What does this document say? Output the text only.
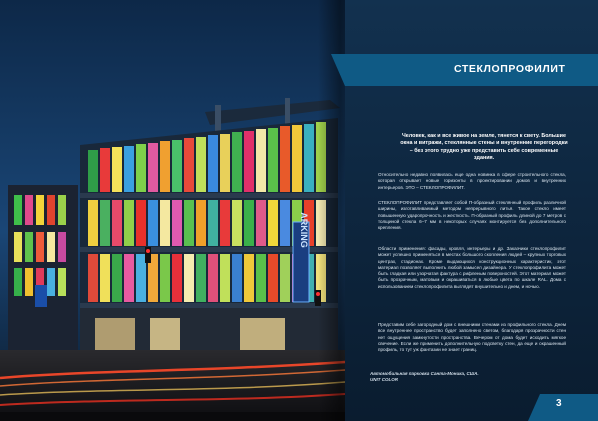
ARKING
СТЕКЛОПРОФИЛИТ

Человек, как и все живое на земле, тянется к свету. Большие окна и витражи, стеклянные стены и внутренние перегородки – без этого трудно уже представить себе современные здания.

Относительно недавно появилась еще одна новинка в сфере строительного стекла, которая открывает новые горизонты в проектировании домов и внутренних интерьеров. ЭТО – СТЕКЛОПРОФИЛИТ.

СТЕКЛОПРОФИЛИТ представляет собой П-образный стеклянный профиль различной ширины, изготавливаемый методом непрерывного литья. Такое стекло имеет повышенную ударопрочность и жесткость. П-образный профиль длиной до 7 метров с толщиной стекла 6–7 мм в некоторых случаях монтируется без дополнительного крепления.

Области применения: фасады, кровля, интерьеры и др. Заказчики стеклопрофилит может успешно применяться в местах большого скопления людей – крупных торговых центрах, стадионах. Кроме выдающихся конструкционных характеристик, этот материал позволяет выполнить любой замысел дизайнера. У стеклопрофилита может быть гладкая или узорчатая фактура с рифленым поверхностей. Этот материал может быть прозрачным, матовым и окрашиваться в любые цвета по шкале RAL. Дома с использованием стеклопрофилита выглядят внушительно и днем, и ночью.

Представим себе загородный дом с внешними стенами из профильного стекла. Днем все внутреннее пространство будет заполнено светом, благодаря прозрачности стен нет ощущения замкнутости пространства. Вечером от дома будет исходить мягкое свечение. Если же применить дополнительную подсветку стен, да еще и окрашенный профиль, то тут уж фантазии не знает границ.

Автомобильная парковка Санта-Моника, США.
UNIT COLOR

3
